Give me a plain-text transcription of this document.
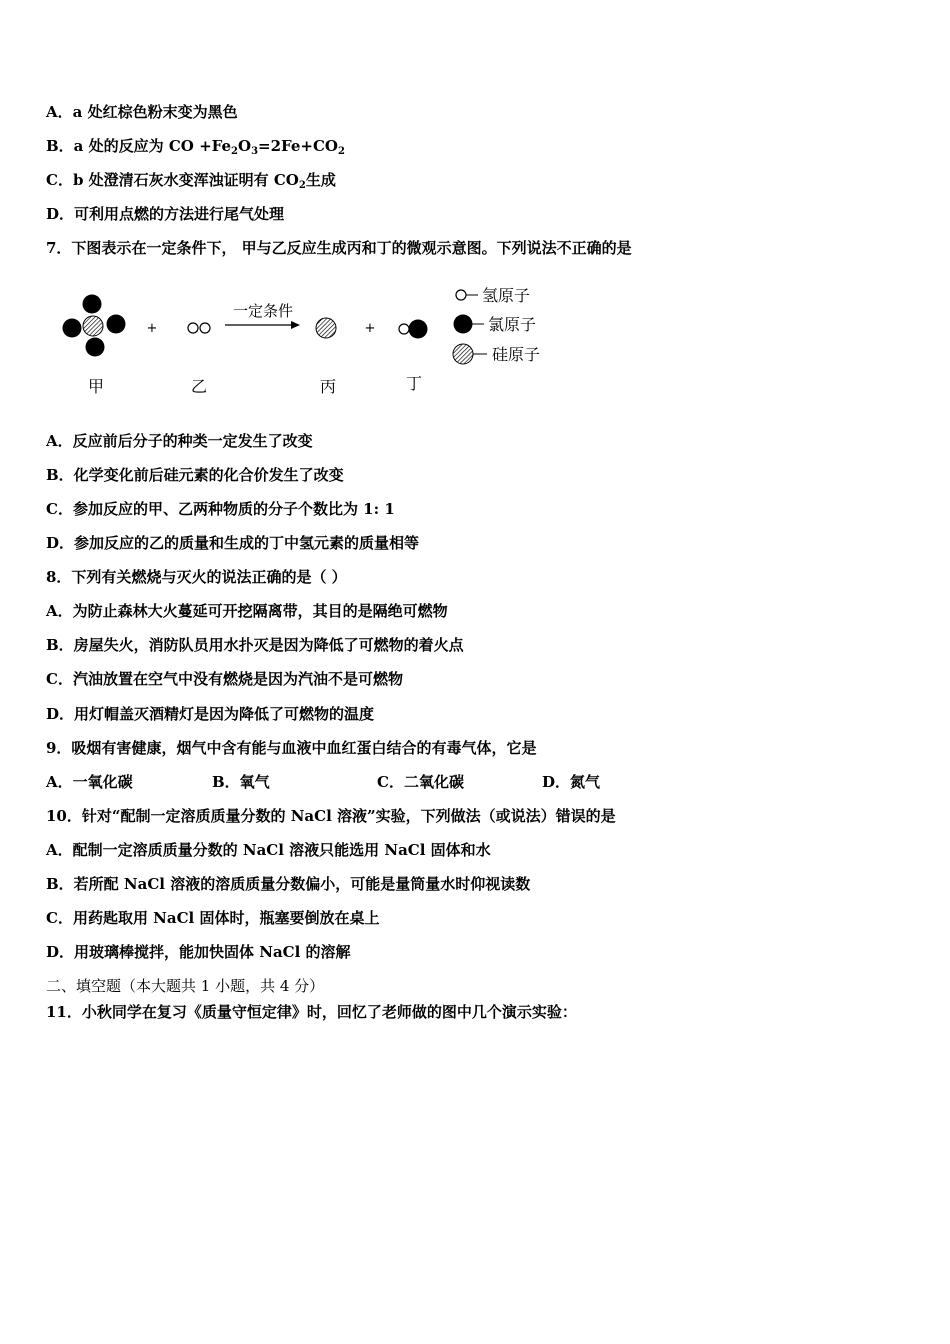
A．a 处红棕色粉末变为黑色
B．a 处的反应为 CO $+Fe_2O_3=2Fe+CO_2$
C．b 处澄清石灰水变浑浊证明有 $CO_2$生成
D．可利用点燃的方法进行尾气处理
7．下图表示在一定条件下， 甲与乙反应生成丙和丁的微观示意图。下列说法不正确的是
+
一定条件
+
甲	乙	丙	丁
氢原子
氯原子
硅原子
A．反应前后分子的种类一定发生了改变
B．化学变化前后硅元素的化合价发生了改变
C．参加反应的甲、乙两种物质的分子个数比为 1: 1
D．参加反应的乙的质量和生成的丁中氢元素的质量相等
8．下列有关燃烧与灭火的说法正确的是（ ）
A．为防止森林大火蔓延可开挖隔离带，其目的是隔绝可燃物
B．房屋失火，消防队员用水扑灭是因为降低了可燃物的着火点
C．汽油放置在空气中没有燃烧是因为汽油不是可燃物
D．用灯帽盖灭酒精灯是因为降低了可燃物的温度
9．吸烟有害健康，烟气中含有能与血液中血红蛋白结合的有毒气体，它是
A．一氧化碳	B．氧气	C．二氧化碳	D．氮气
10．针对“配制一定溶质质量分数的 NaCl 溶液”实验，下列做法（或说法）错误的是
A．配制一定溶质质量分数的 NaCl 溶液只能选用 NaCl 固体和水
B．若所配 NaCl 溶液的溶质质量分数偏小，可能是量筒量水时仰视读数
C．用药匙取用 NaCl 固体时，瓶塞要倒放在桌上
D．用玻璃棒搅拌，能加快固体 NaCl 的溶解
二、填空题（本大题共 1 小题，共 4 分）
11．小秋同学在复习《质量守恒定律》时，回忆了老师做的图中几个演示实验：
